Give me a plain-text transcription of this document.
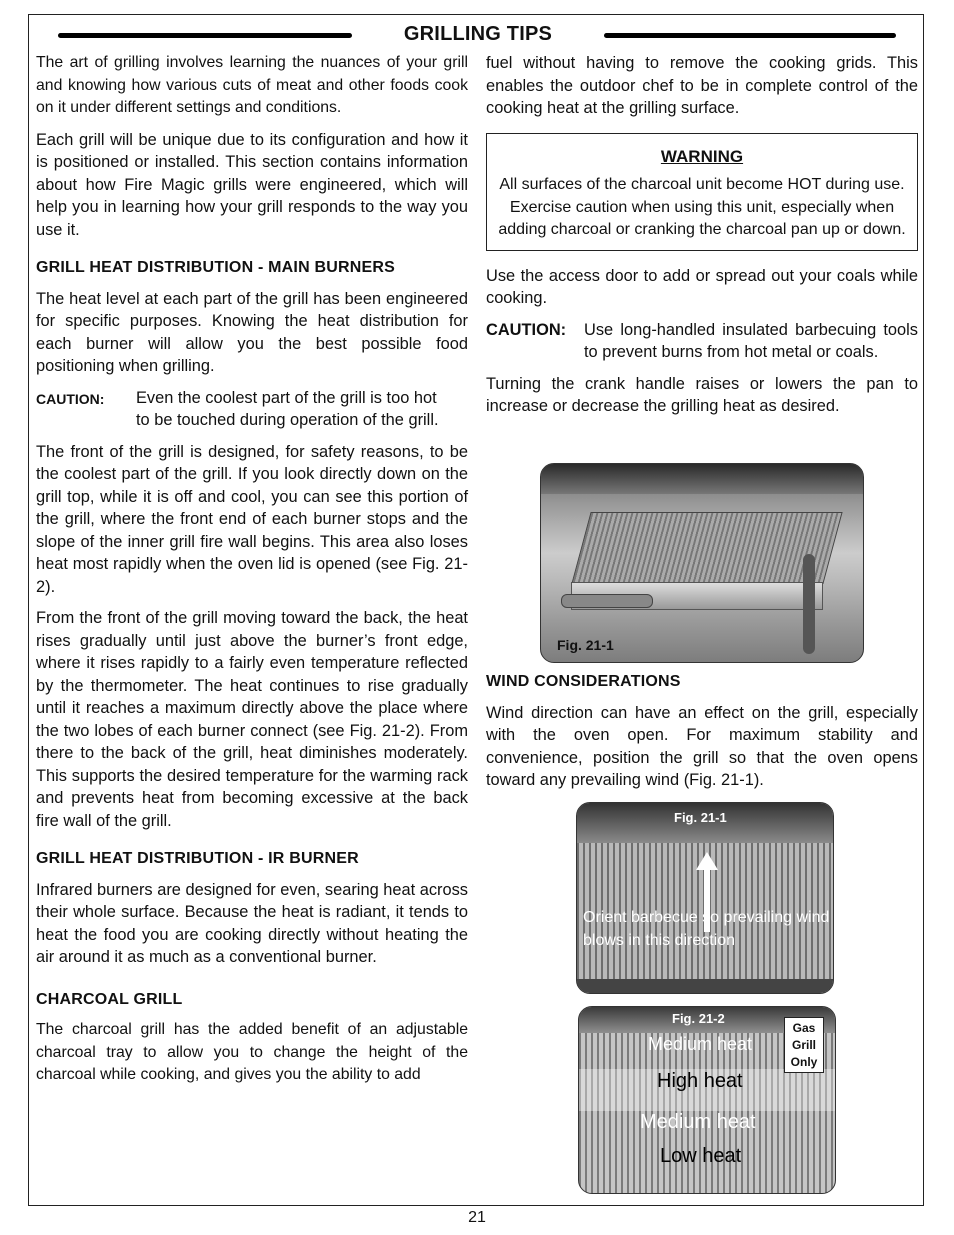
GRILLING TIPS

The art of grilling involves learning the nuances of your grill and knowing how various cuts of meat and other foods cook on it under different settings and conditions.

Each grill will be unique due to its configuration and how it is positioned or installed. This section contains information about how Fire Magic grills were engineered, which will help you in learning how your grill responds to the way you use it.

GRILL HEAT DISTRIBUTION - MAIN BURNERS

The heat level at each part of the grill has been engineered for specific purposes. Knowing the heat distribution for each burner will allow you the best possible food positioning when grilling.

CAUTION:	Even the coolest part of the grill is too hot to be touched during operation of the grill.

The front of the grill is designed, for safety reasons, to be the coolest part of the grill. If you look directly down on the grill top, while it is off and cool, you can see this portion of the grill, where the front end of each burner stops and the slope of the inner grill fire wall begins. This area also loses heat most rapidly when the oven lid is opened (see Fig. 21-2).

From the front of the grill moving toward the back, the heat rises gradually until just above the burner’s front edge, where it rises rapidly to a fairly even temperature reflected by the thermometer. The heat continues to rise gradually until it reaches a maximum directly above the place where the two lobes of each burner connect (see Fig. 21-2). From there to the back of the grill, heat diminishes moderately. This supports the desired temperature for the warming rack and prevents heat from becoming excessive at the back fire wall of the grill.

GRILL HEAT DISTRIBUTION - IR BURNER

Infrared burners are designed for even, searing heat across their whole surface. Because the heat is radiant, it tends to heat the food you are cooking directly without heating the air around it as much as a conventional burner.

CHARCOAL GRILL

The charcoal grill has the added benefit of an adjustable charcoal tray to allow you to change the height of the charcoal while cooking, and gives you the ability to add

fuel without having to remove the cooking grids. This enables the outdoor chef to be in complete control of the cooking heat at the grilling surface.

WARNING
All surfaces of the charcoal unit become HOT during use. Exercise caution when using this unit, especially when adding charcoal or cranking the charcoal pan up or down.

Use the access door to add or spread out your coals while cooking.

CAUTION:	Use long-handled insulated barbecuing tools to prevent burns from hot metal or coals.

Turning the crank handle raises or lowers the pan to increase or decrease the grilling heat as desired.

WIND CONSIDERATIONS

Wind direction can have an effect on the grill, especially with the oven open. For maximum stability and convenience, position the grill so that the oven opens toward any prevailing wind (Fig. 21-1).

Fig. 21-1
Fig. 21-1
Orient barbecue so prevailing wind blows in this direction
Fig. 21-2
Medium heat
High heat
Medium heat
Low heat
Gas Grill Only
21
